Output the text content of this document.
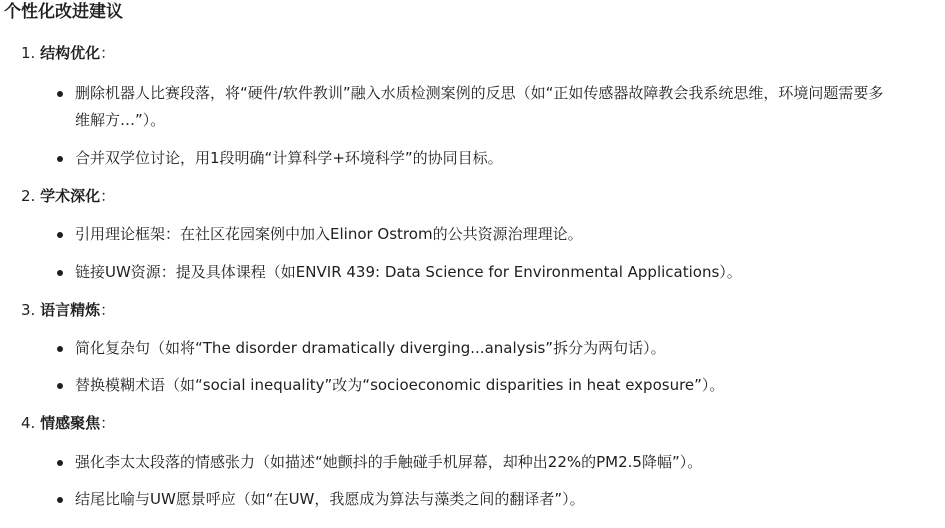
个性化改进建议
1. 结构优化：
删除机器人比赛段落，将“硬件/软件教训”融入水质检测案例的反思（如“正如传感器故障教会我系统思维，环境问题需要多维解方…”）。
合并双学位讨论，用1段明确“计算科学+环境科学”的协同目标。
2. 学术深化：
引用理论框架：在社区花园案例中加入Elinor Ostrom的公共资源治理理论。
链接UW资源：提及具体课程（如ENVIR 439: Data Science for Environmental Applications）。
3. 语言精炼：
简化复杂句（如将“The disorder dramatically diverging...analysis”拆分为两句话）。
替换模糊术语（如“social inequality”改为“socioeconomic disparities in heat exposure”）。
4. 情感聚焦：
强化李太太段落的情感张力（如描述“她颤抖的手触碰手机屏幕，却种出22%的PM2.5降幅”）。
结尾比喻与UW愿景呼应（如“在UW，我愿成为算法与藻类之间的翻译者”）。
